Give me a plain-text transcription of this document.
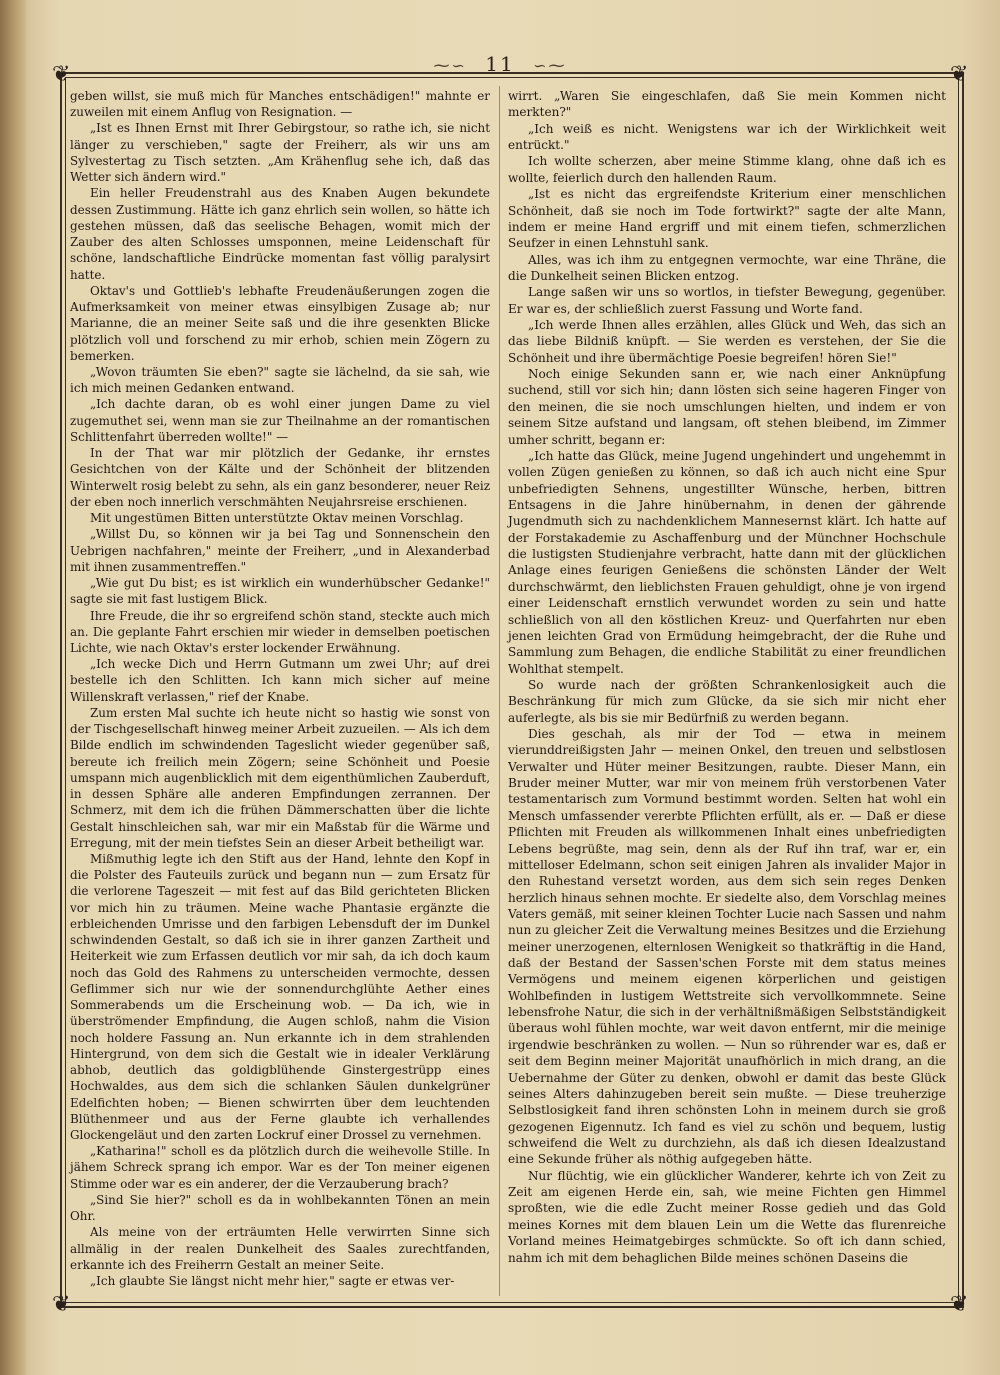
⁓∽ 11 ∽⁓
❦	❦
❦	❦

geben willst, sie muß mich für Manches entschädigen!" mahnte er zuweilen mit einem Anflug von Resignation. —

„Ist es Ihnen Ernst mit Ihrer Gebirgstour, so rathe ich, sie nicht länger zu verschieben," sagte der Freiherr, als wir uns am Sylvestertag zu Tisch setzten. „Am Krähenflug sehe ich, daß das Wetter sich ändern wird."

Ein heller Freudenstrahl aus des Knaben Augen bekundete dessen Zustimmung. Hätte ich ganz ehrlich sein wollen, so hätte ich gestehen müssen, daß das seelische Behagen, womit mich der Zauber des alten Schlosses umsponnen, meine Leidenschaft für schöne, landschaftliche Eindrücke momentan fast völlig paralysirt hatte.

Oktav's und Gottlieb's lebhafte Freudenäußerungen zogen die Aufmerksamkeit von meiner etwas einsylbigen Zusage ab; nur Marianne, die an meiner Seite saß und die ihre gesenkten Blicke plötzlich voll und forschend zu mir erhob, schien mein Zögern zu bemerken.

„Wovon träumten Sie eben?" sagte sie lächelnd, da sie sah, wie ich mich meinen Gedanken entwand.

„Ich dachte daran, ob es wohl einer jungen Dame zu viel zugemuthet sei, wenn man sie zur Theilnahme an der romantischen Schlittenfahrt überreden wollte!" —

In der That war mir plötzlich der Gedanke, ihr ernstes Gesichtchen von der Kälte und der Schönheit der blitzenden Winterwelt rosig belebt zu sehn, als ein ganz besonderer, neuer Reiz der eben noch innerlich verschmähten Neujahrsreise erschienen.

Mit ungestümen Bitten unterstützte Oktav meinen Vorschlag.

„Willst Du, so können wir ja bei Tag und Sonnenschein den Uebrigen nachfahren," meinte der Freiherr, „und in Alexanderbad mit ihnen zusammentreffen."

„Wie gut Du bist; es ist wirklich ein wunderhübscher Gedanke!" sagte sie mit fast lustigem Blick.

Ihre Freude, die ihr so ergreifend schön stand, steckte auch mich an. Die geplante Fahrt erschien mir wieder in demselben poetischen Lichte, wie nach Oktav's erster lockender Erwähnung.

„Ich wecke Dich und Herrn Gutmann um zwei Uhr; auf drei bestelle ich den Schlitten. Ich kann mich sicher auf meine Willenskraft verlassen," rief der Knabe.

Zum ersten Mal suchte ich heute nicht so hastig wie sonst von der Tischgesellschaft hinweg meiner Arbeit zuzueilen. — Als ich dem Bilde endlich im schwindenden Tageslicht wieder gegenüber saß, bereute ich freilich mein Zögern; seine Schönheit und Poesie umspann mich augenblicklich mit dem eigenthümlichen Zauberduft, in dessen Sphäre alle anderen Empfindungen zerrannen. Der Schmerz, mit dem ich die frühen Dämmerschatten über die lichte Gestalt hinschleichen sah, war mir ein Maßstab für die Wärme und Erregung, mit der mein tiefstes Sein an dieser Arbeit betheiligt war.

Mißmuthig legte ich den Stift aus der Hand, lehnte den Kopf in die Polster des Fauteuils zurück und begann nun — zum Ersatz für die verlorene Tageszeit — mit fest auf das Bild gerichteten Blicken vor mich hin zu träumen. Meine wache Phantasie ergänzte die erbleichenden Umrisse und den farbigen Lebensduft der im Dunkel schwindenden Gestalt, so daß ich sie in ihrer ganzen Zartheit und Heiterkeit wie zum Erfassen deutlich vor mir sah, da ich doch kaum noch das Gold des Rahmens zu unterscheiden vermochte, dessen Geflimmer sich nur wie der sonnendurchglühte Aether eines Sommerabends um die Erscheinung wob. — Da ich, wie in überströmender Empfindung, die Augen schloß, nahm die Vision noch holdere Fassung an. Nun erkannte ich in dem strahlenden Hintergrund, von dem sich die Gestalt wie in idealer Verklärung abhob, deutlich das goldigblühende Ginstergestrüpp eines Hochwaldes, aus dem sich die schlanken Säulen dunkelgrüner Edelfichten hoben; — Bienen schwirrten über dem leuchtenden Blüthenmeer und aus der Ferne glaubte ich verhallendes Glockengeläut und den zarten Lockruf einer Drossel zu vernehmen.

„Katharina!" scholl es da plötzlich durch die weihevolle Stille. In jähem Schreck sprang ich empor. War es der Ton meiner eigenen Stimme oder war es ein anderer, der die Verzauberung brach?

„Sind Sie hier?" scholl es da in wohlbekannten Tönen an mein Ohr.

Als meine von der erträumten Helle verwirrten Sinne sich allmälig in der realen Dunkelheit des Saales zurechtfanden, erkannte ich des Freiherrn Gestalt an meiner Seite.

„Ich glaubte Sie längst nicht mehr hier," sagte er etwas ver-

wirrt. „Waren Sie eingeschlafen, daß Sie mein Kommen nicht merkten?"

„Ich weiß es nicht. Wenigstens war ich der Wirklichkeit weit entrückt."

Ich wollte scherzen, aber meine Stimme klang, ohne daß ich es wollte, feierlich durch den hallenden Raum.

„Ist es nicht das ergreifendste Kriterium einer menschlichen Schönheit, daß sie noch im Tode fortwirkt?" sagte der alte Mann, indem er meine Hand ergriff und mit einem tiefen, schmerzlichen Seufzer in einen Lehnstuhl sank.

Alles, was ich ihm zu entgegnen vermochte, war eine Thräne, die die Dunkelheit seinen Blicken entzog.

Lange saßen wir uns so wortlos, in tiefster Bewegung, gegenüber. Er war es, der schließlich zuerst Fassung und Worte fand.

„Ich werde Ihnen alles erzählen, alles Glück und Weh, das sich an das liebe Bildniß knüpft. — Sie werden es verstehen, der Sie die Schönheit und ihre übermächtige Poesie begreifen! hören Sie!"

Noch einige Sekunden sann er, wie nach einer Anknüpfung suchend, still vor sich hin; dann lösten sich seine hageren Finger von den meinen, die sie noch umschlungen hielten, und indem er von seinem Sitze aufstand und langsam, oft stehen bleibend, im Zimmer umher schritt, begann er:

„Ich hatte das Glück, meine Jugend ungehindert und ungehemmt in vollen Zügen genießen zu können, so daß ich auch nicht eine Spur unbefriedigten Sehnens, ungestillter Wünsche, herben, bittren Entsagens in die Jahre hinübernahm, in denen der gährende Jugendmuth sich zu nachdenklichem Mannesernst klärt. Ich hatte auf der Forstakademie zu Aschaffenburg und der Münchner Hochschule die lustigsten Studienjahre verbracht, hatte dann mit der glücklichen Anlage eines feurigen Genießens die schönsten Länder der Welt durchschwärmt, den lieblichsten Frauen gehuldigt, ohne je von irgend einer Leidenschaft ernstlich verwundet worden zu sein und hatte schließlich von all den köstlichen Kreuz- und Querfahrten nur eben jenen leichten Grad von Ermüdung heimgebracht, der die Ruhe und Sammlung zum Behagen, die endliche Stabilität zu einer freundlichen Wohlthat stempelt.

So wurde nach der größten Schrankenlosigkeit auch die Beschränkung für mich zum Glücke, da sie sich mir nicht eher auferlegte, als bis sie mir Bedürfniß zu werden begann.

Dies geschah, als mir der Tod — etwa in meinem vierunddreißigsten Jahr — meinen Onkel, den treuen und selbstlosen Verwalter und Hüter meiner Besitzungen, raubte. Dieser Mann, ein Bruder meiner Mutter, war mir von meinem früh verstorbenen Vater testamentarisch zum Vormund bestimmt worden. Selten hat wohl ein Mensch umfassender vererbte Pflichten erfüllt, als er. — Daß er diese Pflichten mit Freuden als willkommenen Inhalt eines unbefriedigten Lebens begrüßte, mag sein, denn als der Ruf ihn traf, war er, ein mittelloser Edelmann, schon seit einigen Jahren als invalider Major in den Ruhestand versetzt worden, aus dem sich sein reges Denken herzlich hinaus sehnen mochte. Er siedelte also, dem Vorschlag meines Vaters gemäß, mit seiner kleinen Tochter Lucie nach Sassen und nahm nun zu gleicher Zeit die Verwaltung meines Besitzes und die Erziehung meiner unerzogenen, elternlosen Wenigkeit so thatkräftig in die Hand, daß der Bestand der Sassen'schen Forste mit dem status meines Vermögens und meinem eigenen körperlichen und geistigen Wohlbefinden in lustigem Wettstreite sich vervollkommnete. Seine lebensfrohe Natur, die sich in der verhältnißmäßigen Selbstständigkeit überaus wohl fühlen mochte, war weit davon entfernt, mir die meinige irgendwie beschränken zu wollen. — Nun so rührender war es, daß er seit dem Beginn meiner Majorität unaufhörlich in mich drang, an die Uebernahme der Güter zu denken, obwohl er damit das beste Glück seines Alters dahinzugeben bereit sein mußte. — Diese treuherzige Selbstlosigkeit fand ihren schönsten Lohn in meinem durch sie groß gezogenen Eigennutz. Ich fand es viel zu schön und bequem, lustig schweifend die Welt zu durchziehn, als daß ich diesen Idealzustand eine Sekunde früher als nöthig aufgegeben hätte.

Nur flüchtig, wie ein glücklicher Wanderer, kehrte ich von Zeit zu Zeit am eigenen Herde ein, sah, wie meine Fichten gen Himmel sproßten, wie die edle Zucht meiner Rosse gedieh und das Gold meines Kornes mit dem blauen Lein um die Wette das flurenreiche Vorland meines Heimatgebirges schmückte. So oft ich dann schied, nahm ich mit dem behaglichen Bilde meines schönen Daseins die
